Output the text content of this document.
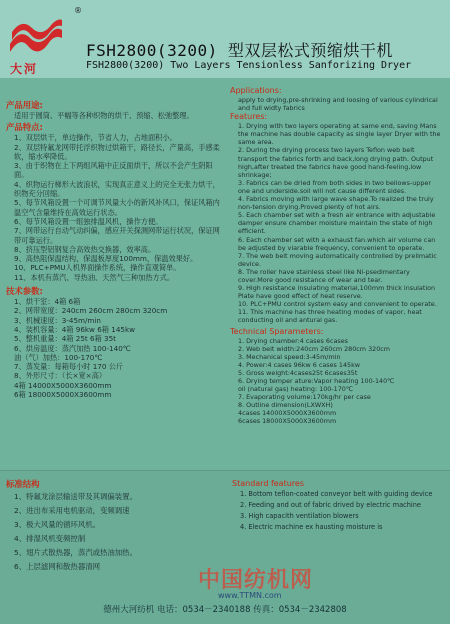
大河
®
FSH2800(3200) 型双层松式预缩烘干机
FSH2800(3200) Two Layers Tensionless Sanforizing Dryer
产品用途:
适用于圆筒、平幅等各种织物的烘干、预缩、松弛整理。
产品特点:
1、双层烘干，单边操作，节省人力，占地面积小。
2、双层特氟龙网带托浮织物过烘箱干，路径长，产量高，手感柔软，缩水率降低。
3、由于织物在上下两组风箱中正反面烘干，所以不会产生阴阳面。
4、织物运行梯形大波浪状，实现真正意义上的完全无张力烘干，织物充分回缩。
5、每节风箱设置一个可调节风量大小的新风补风口，保证风箱内温空气含量维持在高效运行状态。
6、每节风箱设置一组独排温风机，操作方便。
7、网带运行自动气动纠偏，感应开关探测网带运行状况，保证网带可靠运行。
8、挤压型铝钢复合高效热交换器，效率高。
9、高热阻保温结构，保温板厚度100mm，保温效果好。
10、PLC+PMU人机界面操作系统，操作直观简单。
11、本机有蒸汽、导热油、天然气三种加热方式。
技术参数:
1、烘干室：4箱 6箱
2、网带宽度：240cm 260cm 280cm 320cm
3、机械速度：3-45m/min
4、装机容量：4箱 96kw 6箱 145kw
5、整机重量：4箱 25t 6箱 35t
6、烘房温度：蒸汽加热 100-140℃
油（气）加热：100-170℃
7、蒸发量：每箱每小时 170 公斤
8、外形尺寸：（长×宽×高）
4箱 14000X5000X3600mm
6箱 18000X5000X3600mm
Applications:
apply to drying,pre-shrinking and loosing of various cylindrical and full widty fabrics
Features:
1. Drying with two layers operating at same end, saving Mans the machine has double capacity as single layer Dryer with the same area.
2. During the drying process two layers Teflon web belt transport the fabrics forth and back,long drying path. Output high,after treated the fabrics have good hand-feeling,low shrinkage;
3. Fabrics can be dried from both sides in two bellows-upper one and underside.soil will not cause different sides.
4. Fabrics moving with large wave shape.To realized the truly non-tension drying.Proved plenty of hot airs.
5. Each chamber set with a fresh air entrance with adjustable damper ensure chamber moisture maintain the state of high efficient.
6. Each chamber set with a exhaust fan.which air volume can be adjusted by viarable frequency, convenient to operate.
7. The web belt moving automatically controlled by prellmatic device.
8. The roller have stainless steel like Ni-psedimentary cover.More good resistance of wear and tear.
9. High resistance insulating material,100mm thick insulation Plate have good effect of heat reserve.
10. PLC+PMU control system easy and convenient to operate.
11. This machine has three heating modes of vapor, heat conducting oil and antural gas.
Technical Sparameters:
1. Drying chamber:4 cases 6cases
2. Web belt width:240cm 260cm 280cm 320cm
3. Mechanical speed:3-45m/min
4. Power:4 cases 96kw 6 cases 145kw
5. Gross weight:4cases25t 6cases35t
6. Drying temper ature:Vapor heating 100-140℃
oil (natural gas) heating: 100-170℃
7. Evaporating volume:170kg/hr per case
8. Outline dimension(LXWXH)
4cases 14000X5000X3600mm
6cases 18000X5000X3600mm
标准结构
1、特氟龙涂层输送带及其调偏装置。
2、进出布采用电机驱动，变频调速
3、极大风量的循环风机。
4、排湿风机变频控制
5、翅片式散热器，蒸汽或热油加热。
6、上层滤网和散热器清网
Standard features
1. Bottom teflon-coated conveyor belt with guiding device
2. Feeding and out of fabric drived by electric machine
3. High capacith ventilation blowers
4. Electric machine ex hausting moisture is
中国纺机网
www.TTMN.com
德州大河纺机 电话：0534－2340188 传真：0534－2342808
